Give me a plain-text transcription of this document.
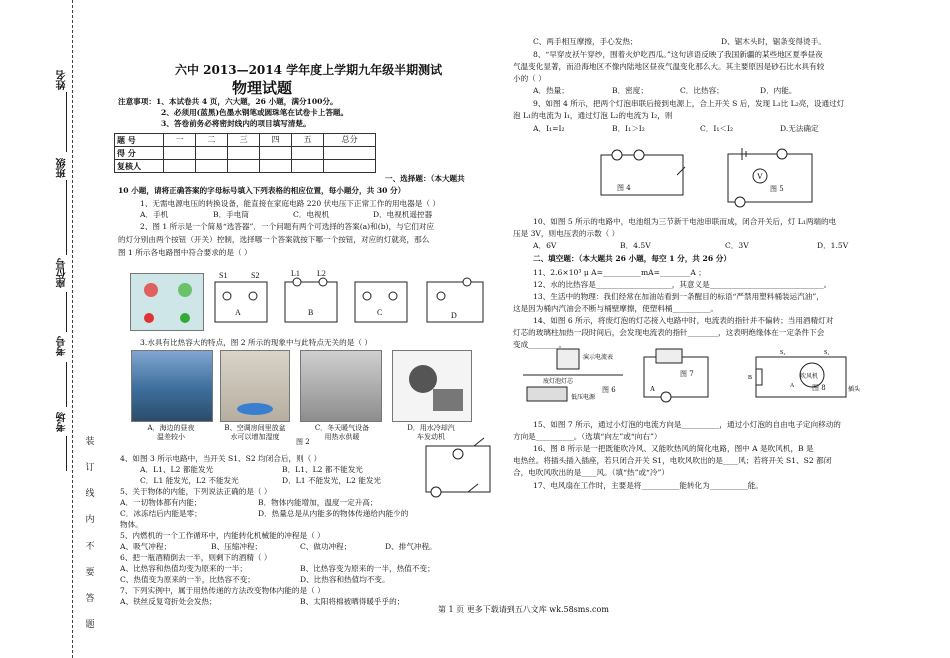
姓名
班级
座位号
考号
考场
装
订
线
内
不
要
答
题
六中 2013—2014 学年度上学期九年级半期测试
物理试题
注意事项：1、本试卷共 4 页，六大题，26 小题，满分100分。
2、必须用(蓝黑)色墨水钢笔或圆珠笔在试卷卡上答题。
3、答卷前务必将密封线内的项目填写清楚。
题 号	一	二	三	四	五	总分
得 分						
复核人						
一、选择题：（本大题共
10 小题，请将正确答案的字母标号填入下列表格的相应位置，每小题分，共 30 分）
1、无需电源电压的转换设备，能直接在家庭电路 220 伏电压下正常工作的用电器是（ ）
A．手机	B．手电筒	C．电视机	D．电视机遥控器
2、图 1 所示是一个简易“选答器”．一个问题有两个可选择的答案(a)和(b)，与它们对应
的灯分别由两个按钮（开关）控制，选择哪一个答案就按下哪一个按钮，对应的灯就亮，那么
图 1 所示各电路图中符合要求的是（ ）
A	B	C	D
S1	S2	L1 L2
3.水具有比热容大的特点，图 2 所示的现象中与此特点无关的是（ ）
A．海边的昼夜
温差较小
B、空调房间里放盆
水可以增加湿度
C．冬天暖气设备
用热水供暖
D．用水冷却汽
车发动机
图 2
4、如图 3 所示电路中，当开关 S1、S2 均闭合后，则（ ）
A．L1、L2 都能发光	B．L1、L2 都不能发光
C．L1 能发光，L2 不能发光	D．L1 不能发光，L2 能发光
5、关于物体的内能，下列说法正确的是（ ）
A．一切物体都有内能；	B．物体内能增加，温度一定升高；
C．冰冻结后内能是零；	D．热量总是从内能多的物体传递给内能少的
物体。
5、内燃机的一个工作循环中，内能转化机械能的冲程是（ ）
A、吸气冲程；	B、压缩冲程；	C、做功冲程；	D、排气冲程。
6、把一瓶酒精倒去一半，则剩下的酒精（ ）
A、比热容和热值均变为原来的一半；	B、比热容变为原来的一半，热值不变；
C、热值变为原来的一半，比热容不变；	D、比热容和热值均不变。
7、下列实例中，属于用热传递的方法改变物体内能的是（ ）
A、铁丝反复弯折处会发热；	B、太阳将棉被晒得暖乎乎的；
C、两手相互摩擦，手心发热；	D、锯木头时，锯条变得烫手。
8、“早穿皮袄午穿纱，围着火炉吃西瓜。”这句谚语反映了我国新疆的某些地区夏季昼夜
气温变化显著，而沿海地区不像内陆地区昼夜气温变化那么大。其主要原因是砂石比水具有较
小的（ ）
A．热量；	B．密度；	C．比热容；	D．内能。
9、如图 4 所示，把两个灯泡串联后接到电源上，合上开关 S 后，发现 L₁比 L₂亮，设通过灯
泡 L₁的电流为 I₁，通过灯泡 L₂的电流为 I₂，则
A．I₁=I₂	B．I₁＞I₂	C．I₁＜I₂	D.无法确定
图 4
V
图 5
10、如图 5 所示的电路中，电池组为三节新干电池串联而成，闭合开关后，灯 L₁两端的电
压是 3V，则电压表的示数（ ）
A．6V	B．4.5V	C．3V	D．1.5V
二、填空题：（本大题共 26 小题，每空 1 分，共 26 分）
11、2.6×10³ μ A=__________mA=________A ；
12、水的比热容是____________________，其意义是______________________________。
13、生活中的物理：我们经常在加油站看到一条醒目的标语“严禁用塑料桶装运汽油”，
这是因为桶内汽油会不断与桶壁摩擦，使塑料桶__________。
14、如图 6 所示，将废灯泡的灯芯接入电路中时，电流表的指针并不偏转；当用酒精灯对
灯芯的玻璃柱加热一段时间后，会发现电流表的指针________，这表明绝缘体在一定条件下会
变成________。
演示电流表
废灯泡灯芯
低压电源
图 6	A
图 7	吹风机
插头
S₂	S₁
A
B
图 8
15、如图 7 所示，通过小灯泡的电流方向是__________，通过小灯泡的自由电子定向移动的
方向是__________。（选填“向左”或“向右”）
16、图 8 所示是一把既能吹冷风、又能吹热风的简化电路，图中 A 是吹风机，B 是
电热丝。将插头插入插座，若只闭合开关 S1，电吹风吹出的是____风；若将开关 S1、S2 都闭
合，电吹风吹出的是____风。（填“热”或“冷”）
17、电风扇在工作时，主要是将__________能转化为__________能。
第 1 页 更多下载请到五八文库 wk.58sms.com
